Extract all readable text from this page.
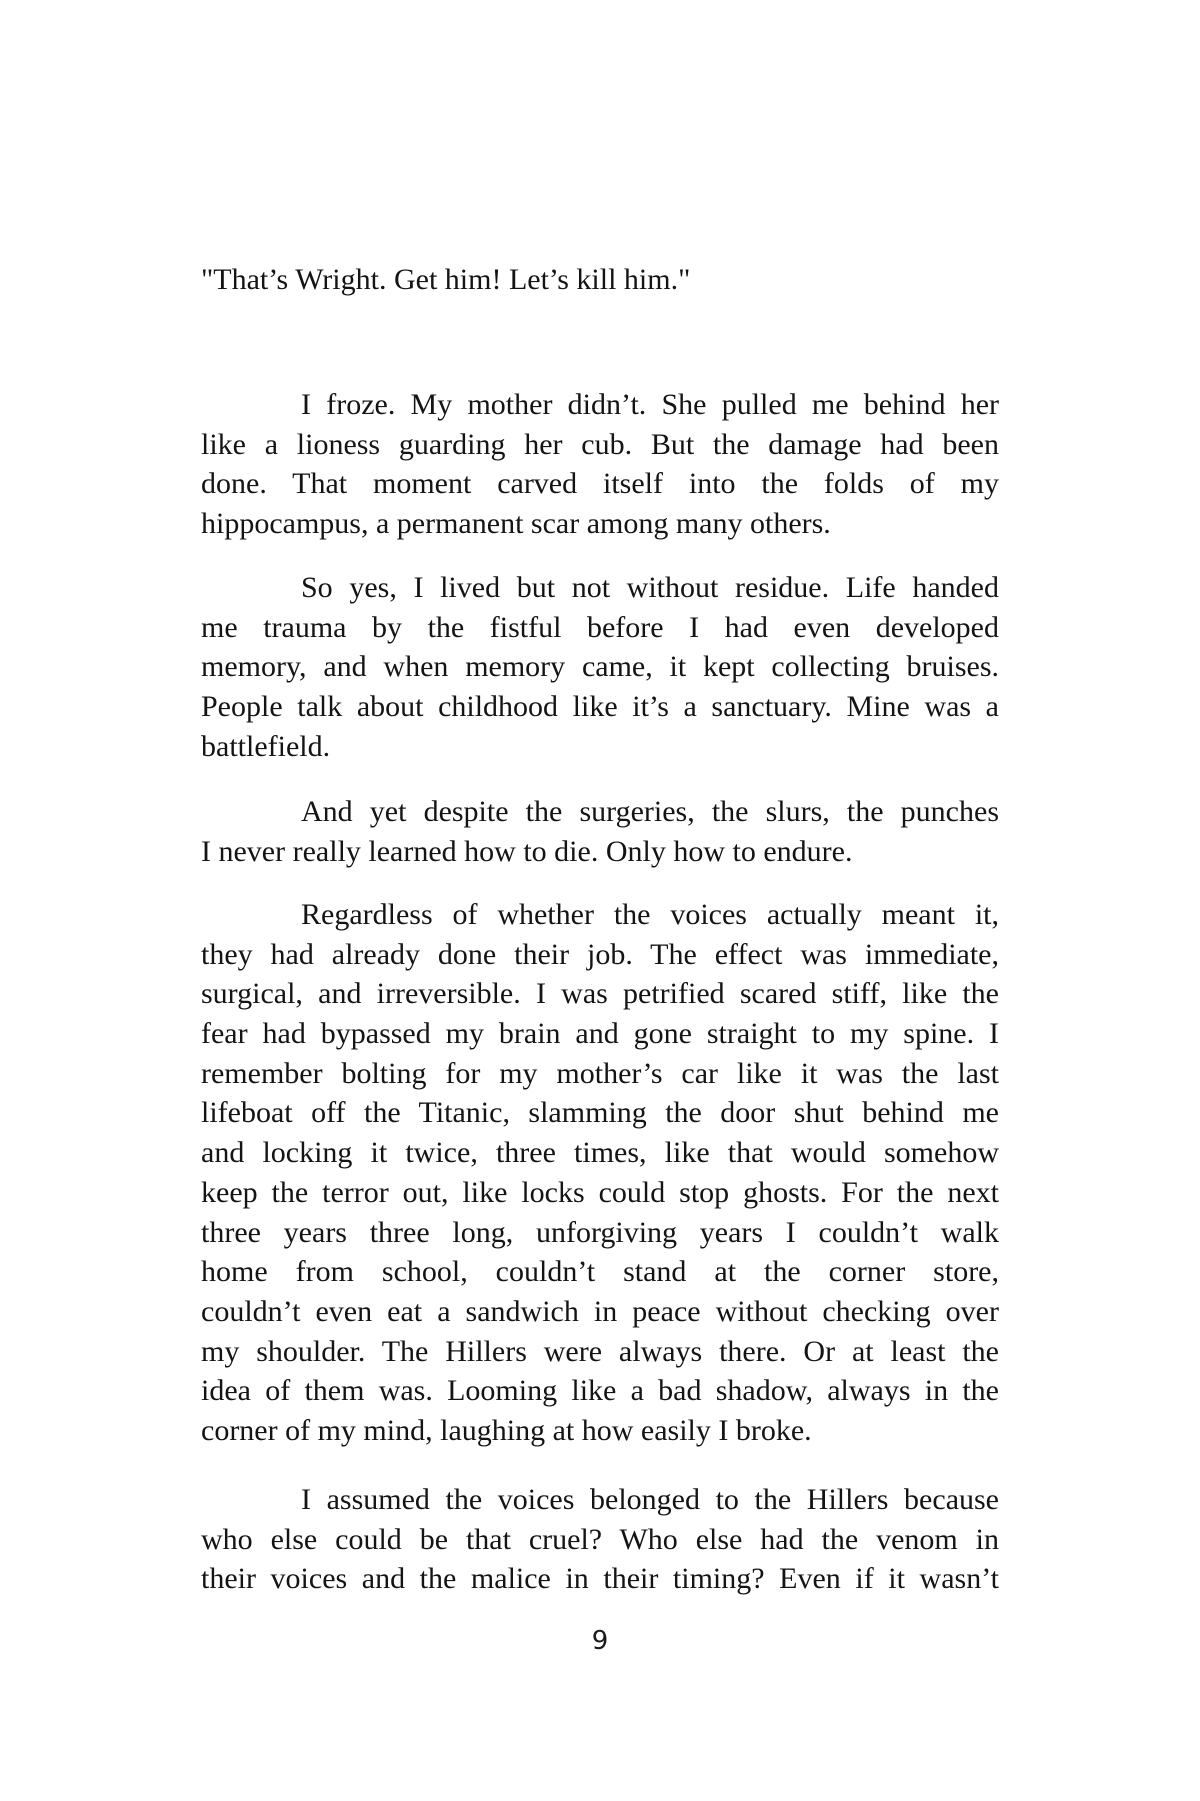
"That’s Wright. Get him! Let’s kill him."
I froze. My mother didn’t. She pulled me behind her
like a lioness guarding her cub. But the damage had been
done. That moment carved itself into the folds of my
hippocampus, a permanent scar among many others.
So yes, I lived but not without residue. Life handed
me trauma by the fistful before I had even developed
memory, and when memory came, it kept collecting bruises.
People talk about childhood like it’s a sanctuary. Mine was a
battlefield.
And yet despite the surgeries, the slurs, the punches
I never really learned how to die. Only how to endure.
Regardless of whether the voices actually meant it,
they had already done their job. The effect was immediate,
surgical, and irreversible. I was petrified scared stiff, like the
fear had bypassed my brain and gone straight to my spine. I
remember bolting for my mother’s car like it was the last
lifeboat off the Titanic, slamming the door shut behind me
and locking it twice, three times, like that would somehow
keep the terror out, like locks could stop ghosts. For the next
three years three long, unforgiving years I couldn’t walk
home from school, couldn’t stand at the corner store,
couldn’t even eat a sandwich in peace without checking over
my shoulder. The Hillers were always there. Or at least the
idea of them was. Looming like a bad shadow, always in the
corner of my mind, laughing at how easily I broke.
I assumed the voices belonged to the Hillers because
who else could be that cruel? Who else had the venom in
their voices and the malice in their timing? Even if it wasn’t
9
